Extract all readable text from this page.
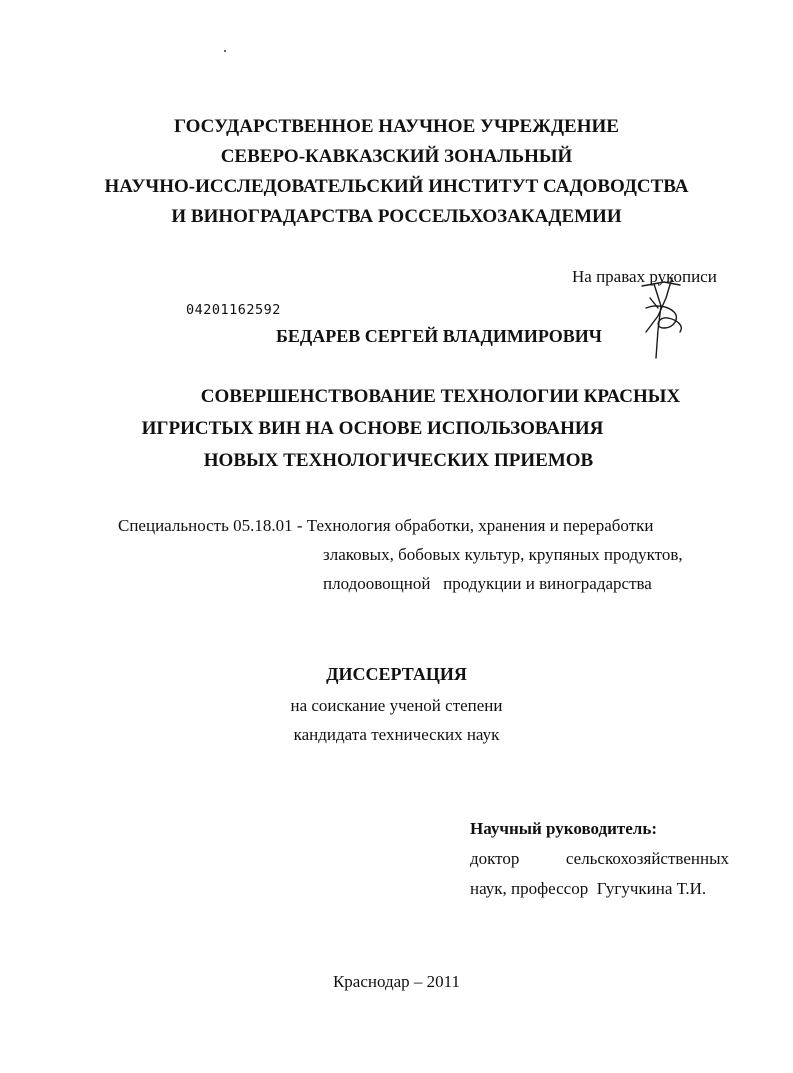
ГОСУДАРСТВЕННОЕ НАУЧНОЕ УЧРЕЖДЕНИЕ
СЕВЕРО-КАВКАЗСКИЙ ЗОНАЛЬНЫЙ
НАУЧНО-ИССЛЕДОВАТЕЛЬСКИЙ ИНСТИТУТ САДОВОДСТВА
И ВИНОГРАДАРСТВА РОССЕЛЬХОЗАКАДЕМИИ
На правах рукописи
04201162592
БЕДАРЕВ СЕРГЕЙ ВЛАДИМИРОВИЧ
СОВЕРШЕНСТВОВАНИЕ ТЕХНОЛОГИИ КРАСНЫХ
ИГРИСТЫХ ВИН НА ОСНОВЕ ИСПОЛЬЗОВАНИЯ
НОВЫХ ТЕХНОЛОГИЧЕСКИХ ПРИЕМОВ
Специальность 05.18.01 - Технология обработки, хранения и переработки
злаковых, бобовых культур, крупяных продуктов,
плодоовощной   продукции и виноградарства
ДИССЕРТАЦИЯ
на соискание ученой степени
кандидата технических наук
Научный руководитель:
доктор	сельскохозяйственных
наук, профессор  Гугучкина Т.И.
Краснодар – 2011
